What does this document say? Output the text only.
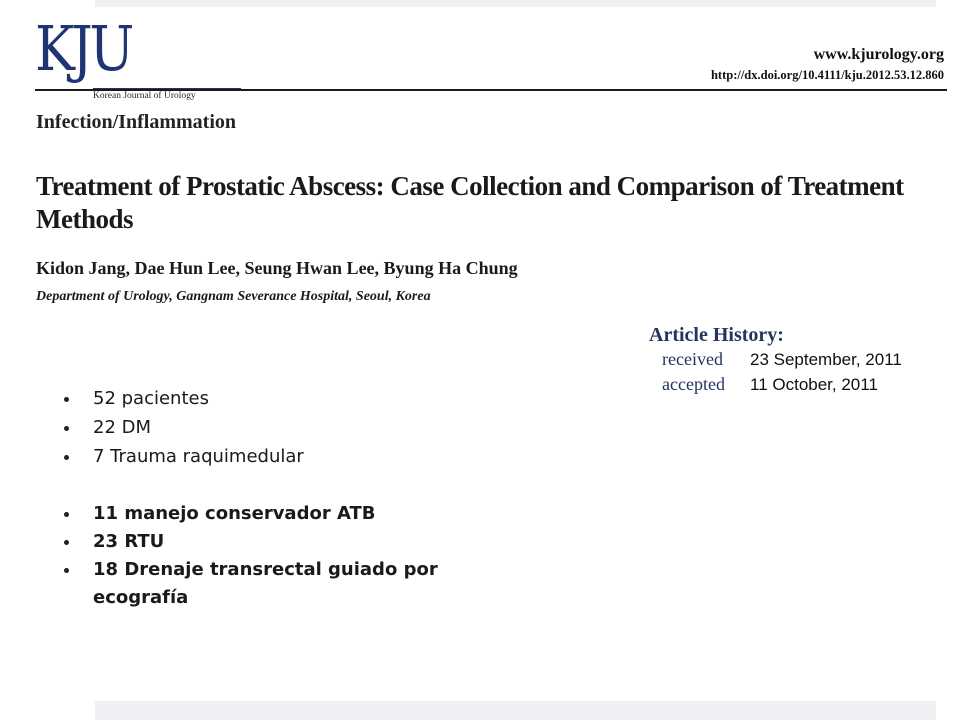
KJU
Korean Journal of Urology
www.kjurology.org
http://dx.doi.org/10.4111/kju.2012.53.12.860
Infection/Inflammation
Treatment of Prostatic Abscess: Case Collection and Comparison of Treatment Methods
Kidon Jang, Dae Hun Lee, Seung Hwan Lee, Byung Ha Chung
Department of Urology, Gangnam Severance Hospital, Seoul, Korea
Article History:
received	23 September, 2011
accepted	11 October, 2011
52 pacientes
22 DM
7 Trauma raquimedular
11 manejo conservador ATB
23 RTU
18 Drenaje transrectal guiado por ecografía
